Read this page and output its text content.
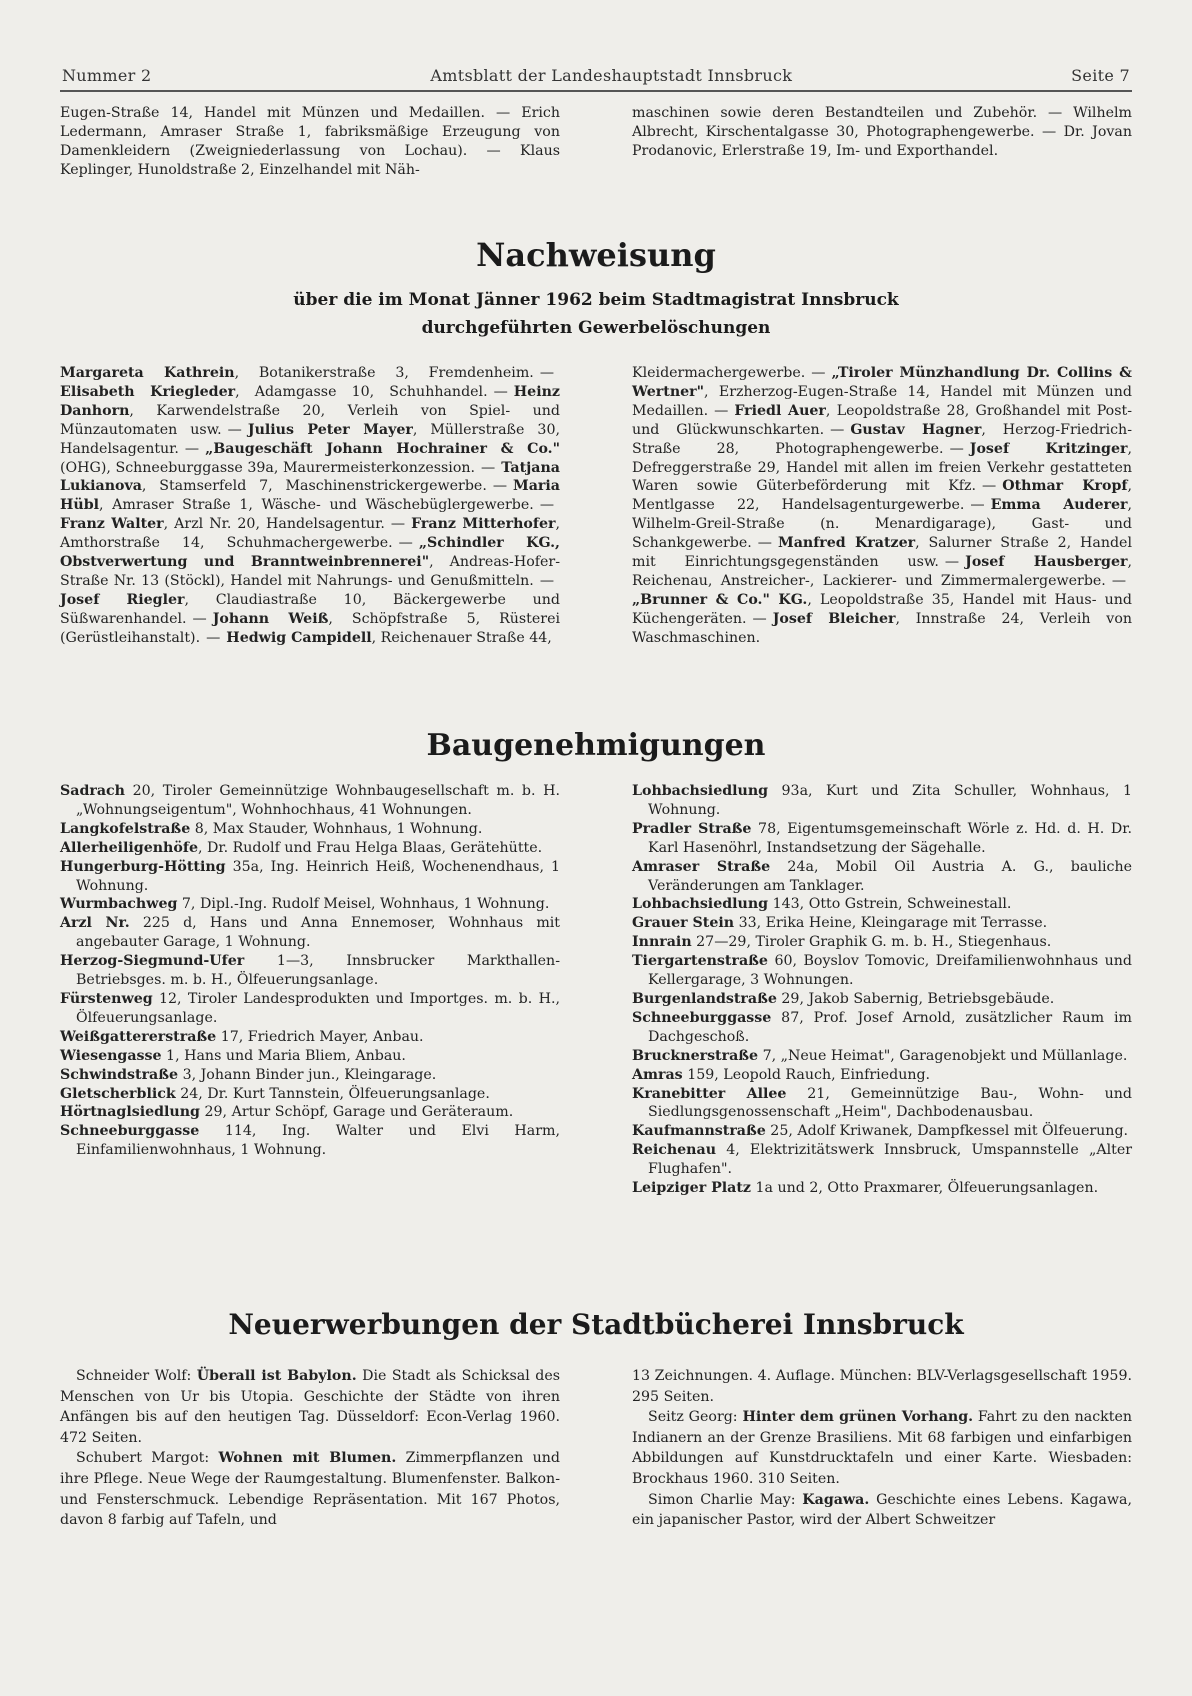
Nummer 2	Amtsblatt der Landeshauptstadt Innsbruck	Seite 7

Eugen-Straße 14, Handel mit Münzen und Medaillen. — Erich Ledermann, Amraser Straße 1, fabriksmäßige Erzeugung von Damenkleidern (Zweigniederlassung von Lochau). — Klaus Keplinger, Hunoldstraße 2, Einzelhandel mit Näh-

maschinen sowie deren Bestandteilen und Zubehör. — Wilhelm Albrecht, Kirschentalgasse 30, Photographengewerbe. — Dr. Jovan Prodanovic, Erlerstraße 19, Im- und Exporthandel.

Nachweisung
über die im Monat Jänner 1962 beim Stadtmagistrat Innsbruck
durchgeführten Gewerbelöschungen

Margareta Kathrein, Botanikerstraße 3, Fremdenheim. —Elisabeth Kriegleder, Adamgasse 10, Schuhhandel. — Heinz Danhorn, Karwendelstraße 20, Verleih von Spiel- und Münzautomaten usw. — Julius Peter Mayer, Müllerstraße 30, Handelsagentur. — „Baugeschäft Johann Hochrainer & Co." (OHG), Schneeburggasse 39a, Maurermeisterkonzession. — Tatjana Lukianova, Stamserfeld 7, Maschinenstrickergewerbe. — Maria Hübl, Amraser Straße 1, Wäsche- und Wäschebüglergewerbe. —Franz Walter, Arzl Nr. 20, Handelsagentur. — Franz Mitterhofer, Amthorstraße 14, Schuhmachergewerbe. — „Schindler KG., Obstverwertung und Branntweinbrennerei", Andreas-Hofer-Straße Nr. 13 (Stöckl), Handel mit Nahrungs- und Genußmitteln. —Josef Riegler, Claudiastraße 10, Bäckergewerbe und Süßwarenhandel. — Johann Weiß, Schöpfstraße 5, Rüsterei (Gerüstleihanstalt). — Hedwig Campidell, Reichenauer Straße 44,

Kleidermachergewerbe. — „Tiroler Münzhandlung Dr. Collins & Wertner", Erzherzog-Eugen-Straße 14, Handel mit Münzen und Medaillen. — Friedl Auer, Leopoldstraße 28, Großhandel mit Post- und Glückwunschkarten. — Gustav Hagner, Herzog-Friedrich-Straße 28, Photographengewerbe. — Josef Kritzinger, Defreggerstraße 29, Handel mit allen im freien Verkehr gestatteten Waren sowie Güterbeförderung mit Kfz. — Othmar Kropf, Mentlgasse 22, Handelsagenturgewerbe. — Emma Auderer, Wilhelm-Greil-Straße (n. Menardigarage), Gast- und Schankgewerbe. — Manfred Kratzer, Salurner Straße 2, Handel mit Einrichtungsgegenständen usw. — Josef Hausberger, Reichenau, Anstreicher-, Lackierer- und Zimmermalergewerbe. —„Brunner & Co." KG., Leopoldstraße 35, Handel mit Haus- und Küchengeräten. — Josef Bleicher, Innstraße 24, Verleih von Waschmaschinen.

Baugenehmigungen

Sadrach 20, Tiroler Gemeinnützige Wohnbaugesellschaft m. b. H. „Wohnungseigentum", Wohnhochhaus, 41 Wohnungen.

Langkofelstraße 8, Max Stauder, Wohnhaus, 1 Wohnung.

Allerheiligenhöfe, Dr. Rudolf und Frau Helga Blaas, Gerätehütte.

Hungerburg-Hötting 35a, Ing. Heinrich Heiß, Wochenendhaus, 1 Wohnung.

Wurmbachweg 7, Dipl.-Ing. Rudolf Meisel, Wohnhaus, 1 Wohnung.

Arzl Nr. 225 d, Hans und Anna Ennemoser, Wohnhaus mit angebauter Garage, 1 Wohnung.

Herzog-Siegmund-Ufer 1—3, Innsbrucker Markthallen-Betriebsges. m. b. H., Ölfeuerungsanlage.

Fürstenweg 12, Tiroler Landesprodukten und Importges. m. b. H., Ölfeuerungsanlage.

Weißgattererstraße 17, Friedrich Mayer, Anbau.

Wiesengasse 1, Hans und Maria Bliem, Anbau.

Schwindstraße 3, Johann Binder jun., Kleingarage.

Gletscherblick 24, Dr. Kurt Tannstein, Ölfeuerungsanlage.

Hörtnaglsiedlung 29, Artur Schöpf, Garage und Geräteraum.

Schneeburggasse 114, Ing. Walter und Elvi Harm, Einfamilienwohnhaus, 1 Wohnung.

Lohbachsiedlung 93a, Kurt und Zita Schuller, Wohnhaus, 1 Wohnung.

Pradler Straße 78, Eigentumsgemeinschaft Wörle z. Hd. d. H. Dr. Karl Hasenöhrl, Instandsetzung der Sägehalle.

Amraser Straße 24a, Mobil Oil Austria A. G., bauliche Veränderungen am Tanklager.

Lohbachsiedlung 143, Otto Gstrein, Schweinestall.

Grauer Stein 33, Erika Heine, Kleingarage mit Terrasse.

Innrain 27—29, Tiroler Graphik G. m. b. H., Stiegenhaus.

Tiergartenstraße 60, Boyslov Tomovic, Dreifamilienwohnhaus und Kellergarage, 3 Wohnungen.

Burgenlandstraße 29, Jakob Sabernig, Betriebsgebäude.

Schneeburggasse 87, Prof. Josef Arnold, zusätzlicher Raum im Dachgeschoß.

Brucknerstraße 7, „Neue Heimat", Garagenobjekt und Müllanlage.

Amras 159, Leopold Rauch, Einfriedung.

Kranebitter Allee 21, Gemeinnützige Bau-, Wohn- und Siedlungsgenossenschaft „Heim", Dachbodenausbau.

Kaufmannstraße 25, Adolf Kriwanek, Dampfkessel mit Ölfeuerung.

Reichenau 4, Elektrizitätswerk Innsbruck, Umspannstelle „Alter Flughafen".

Leipziger Platz 1a und 2, Otto Praxmarer, Ölfeuerungsanlagen.

Neuerwerbungen der Stadtbücherei Innsbruck

Schneider Wolf: Überall ist Babylon. Die Stadt als Schicksal des Menschen von Ur bis Utopia. Geschichte der Städte von ihren Anfängen bis auf den heutigen Tag. Düsseldorf: Econ-Verlag 1960. 472 Seiten.

Schubert Margot: Wohnen mit Blumen. Zimmerpflanzen und ihre Pflege. Neue Wege der Raumgestaltung. Blumenfenster. Balkon- und Fensterschmuck. Lebendige Repräsentation. Mit 167 Photos, davon 8 farbig auf Tafeln, und

13 Zeichnungen. 4. Auflage. München: BLV-Verlagsgesellschaft 1959. 295 Seiten.

Seitz Georg: Hinter dem grünen Vorhang. Fahrt zu den nackten Indianern an der Grenze Brasiliens. Mit 68 farbigen und einfarbigen Abbildungen auf Kunstdrucktafeln und einer Karte. Wiesbaden: Brockhaus 1960. 310 Seiten.

Simon Charlie May: Kagawa. Geschichte eines Lebens. Kagawa, ein japanischer Pastor, wird der Albert Schweitzer
